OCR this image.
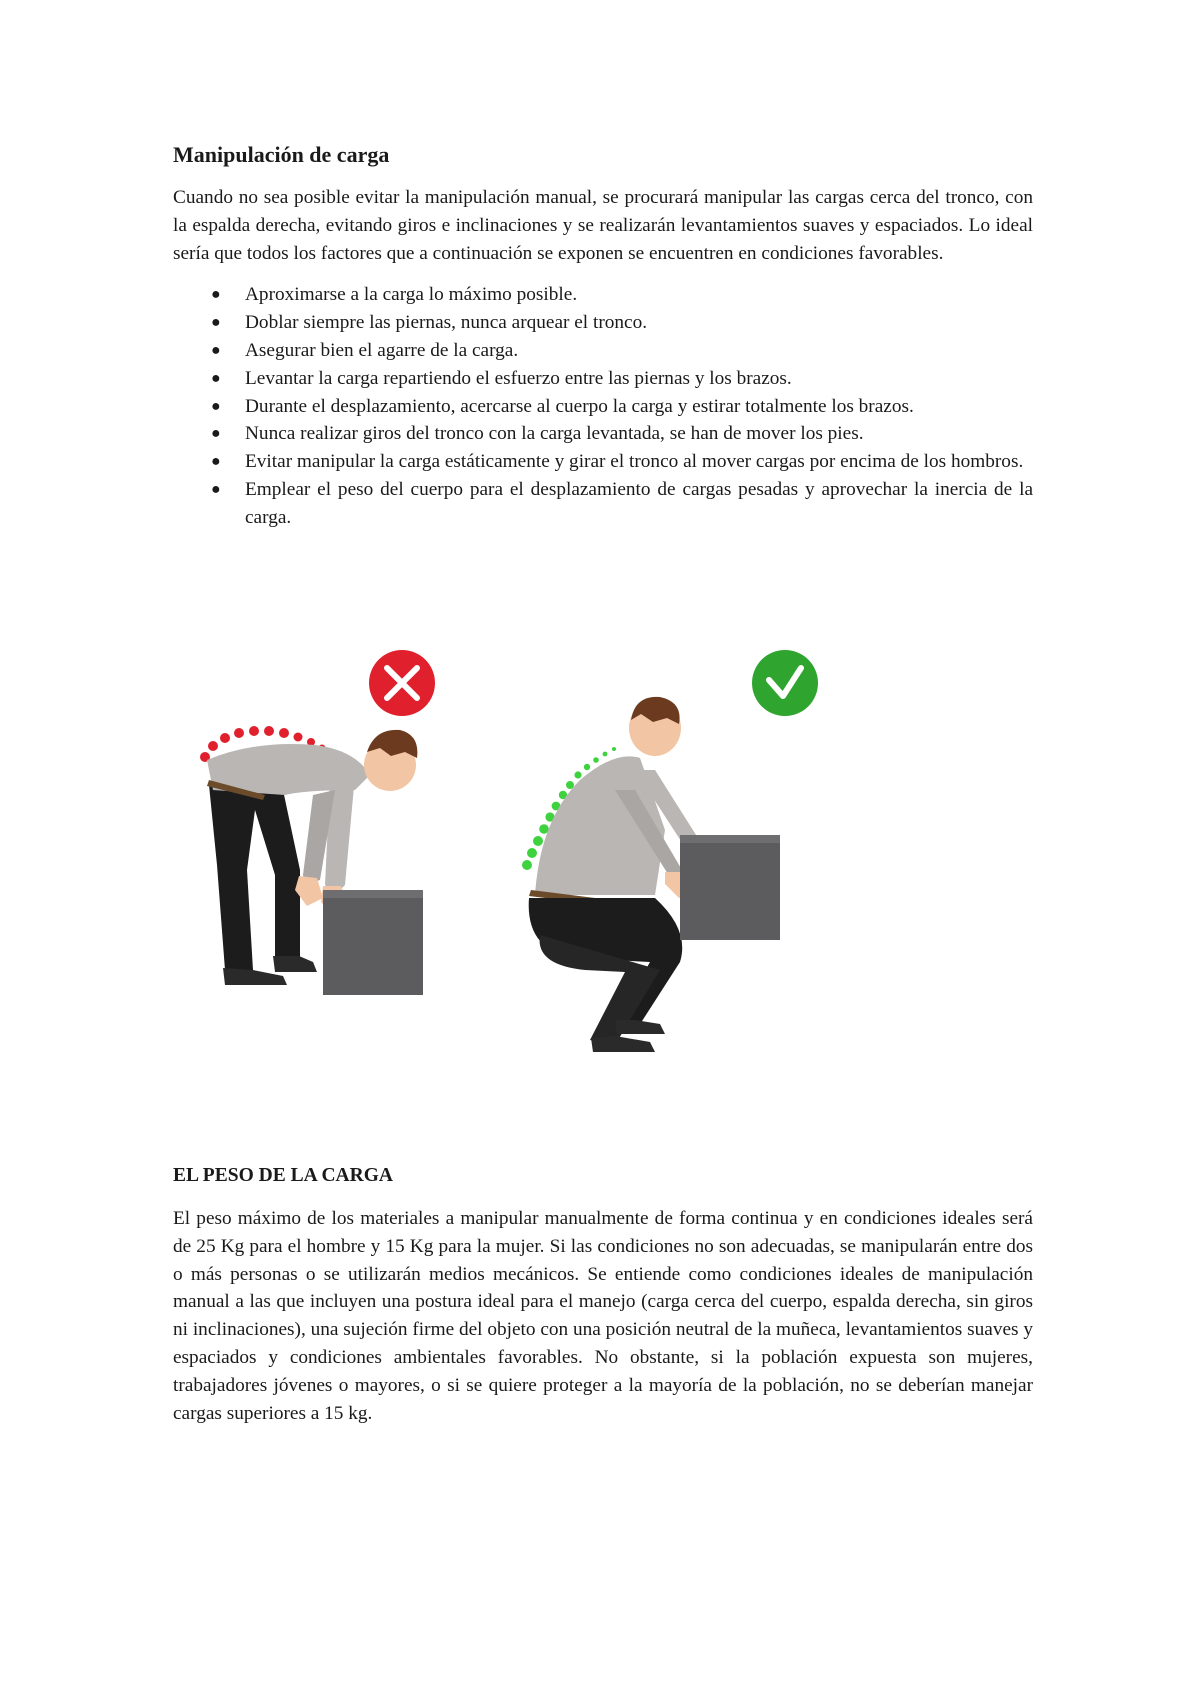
Manipulación de carga

Cuando no sea posible evitar la manipulación manual, se procurará manipular las cargas cerca del tronco, con la espalda derecha, evitando giros e inclinaciones y se realizarán levantamientos suaves y espaciados. Lo ideal sería que todos los factores que a continuación se exponen se encuentren en condiciones favorables.

● Aproximarse a la carga lo máximo posible.
● Doblar siempre las piernas, nunca arquear el tronco.
● Asegurar bien el agarre de la carga.
● Levantar la carga repartiendo el esfuerzo entre las piernas y los brazos.
● Durante el desplazamiento, acercarse al cuerpo la carga y estirar totalmente los brazos.
● Nunca realizar giros del tronco con la carga levantada, se han de mover los pies.
● Evitar manipular la carga estáticamente y girar el tronco al mover cargas por encima de los hombros.
● Emplear el peso del cuerpo para el desplazamiento de cargas pesadas y aprovechar la inercia de la carga.
EL PESO DE LA CARGA

El peso máximo de los materiales a manipular manualmente de forma continua y en condiciones ideales será de 25 Kg para el hombre y 15 Kg para la mujer. Si las condiciones no son adecuadas, se manipularán entre dos o más personas o se utilizarán medios mecánicos. Se entiende como condiciones ideales de manipulación manual a las que incluyen una postura ideal para el manejo (carga cerca del cuerpo, espalda derecha, sin giros ni inclinaciones), una sujeción firme del objeto con una posición neutral de la muñeca, levantamientos suaves y espaciados y condiciones ambientales favorables. No obstante, si la población expuesta son mujeres, trabajadores jóvenes o mayores, o si se quiere proteger a la mayoría de la población, no se deberían manejar cargas superiores a 15 kg.
